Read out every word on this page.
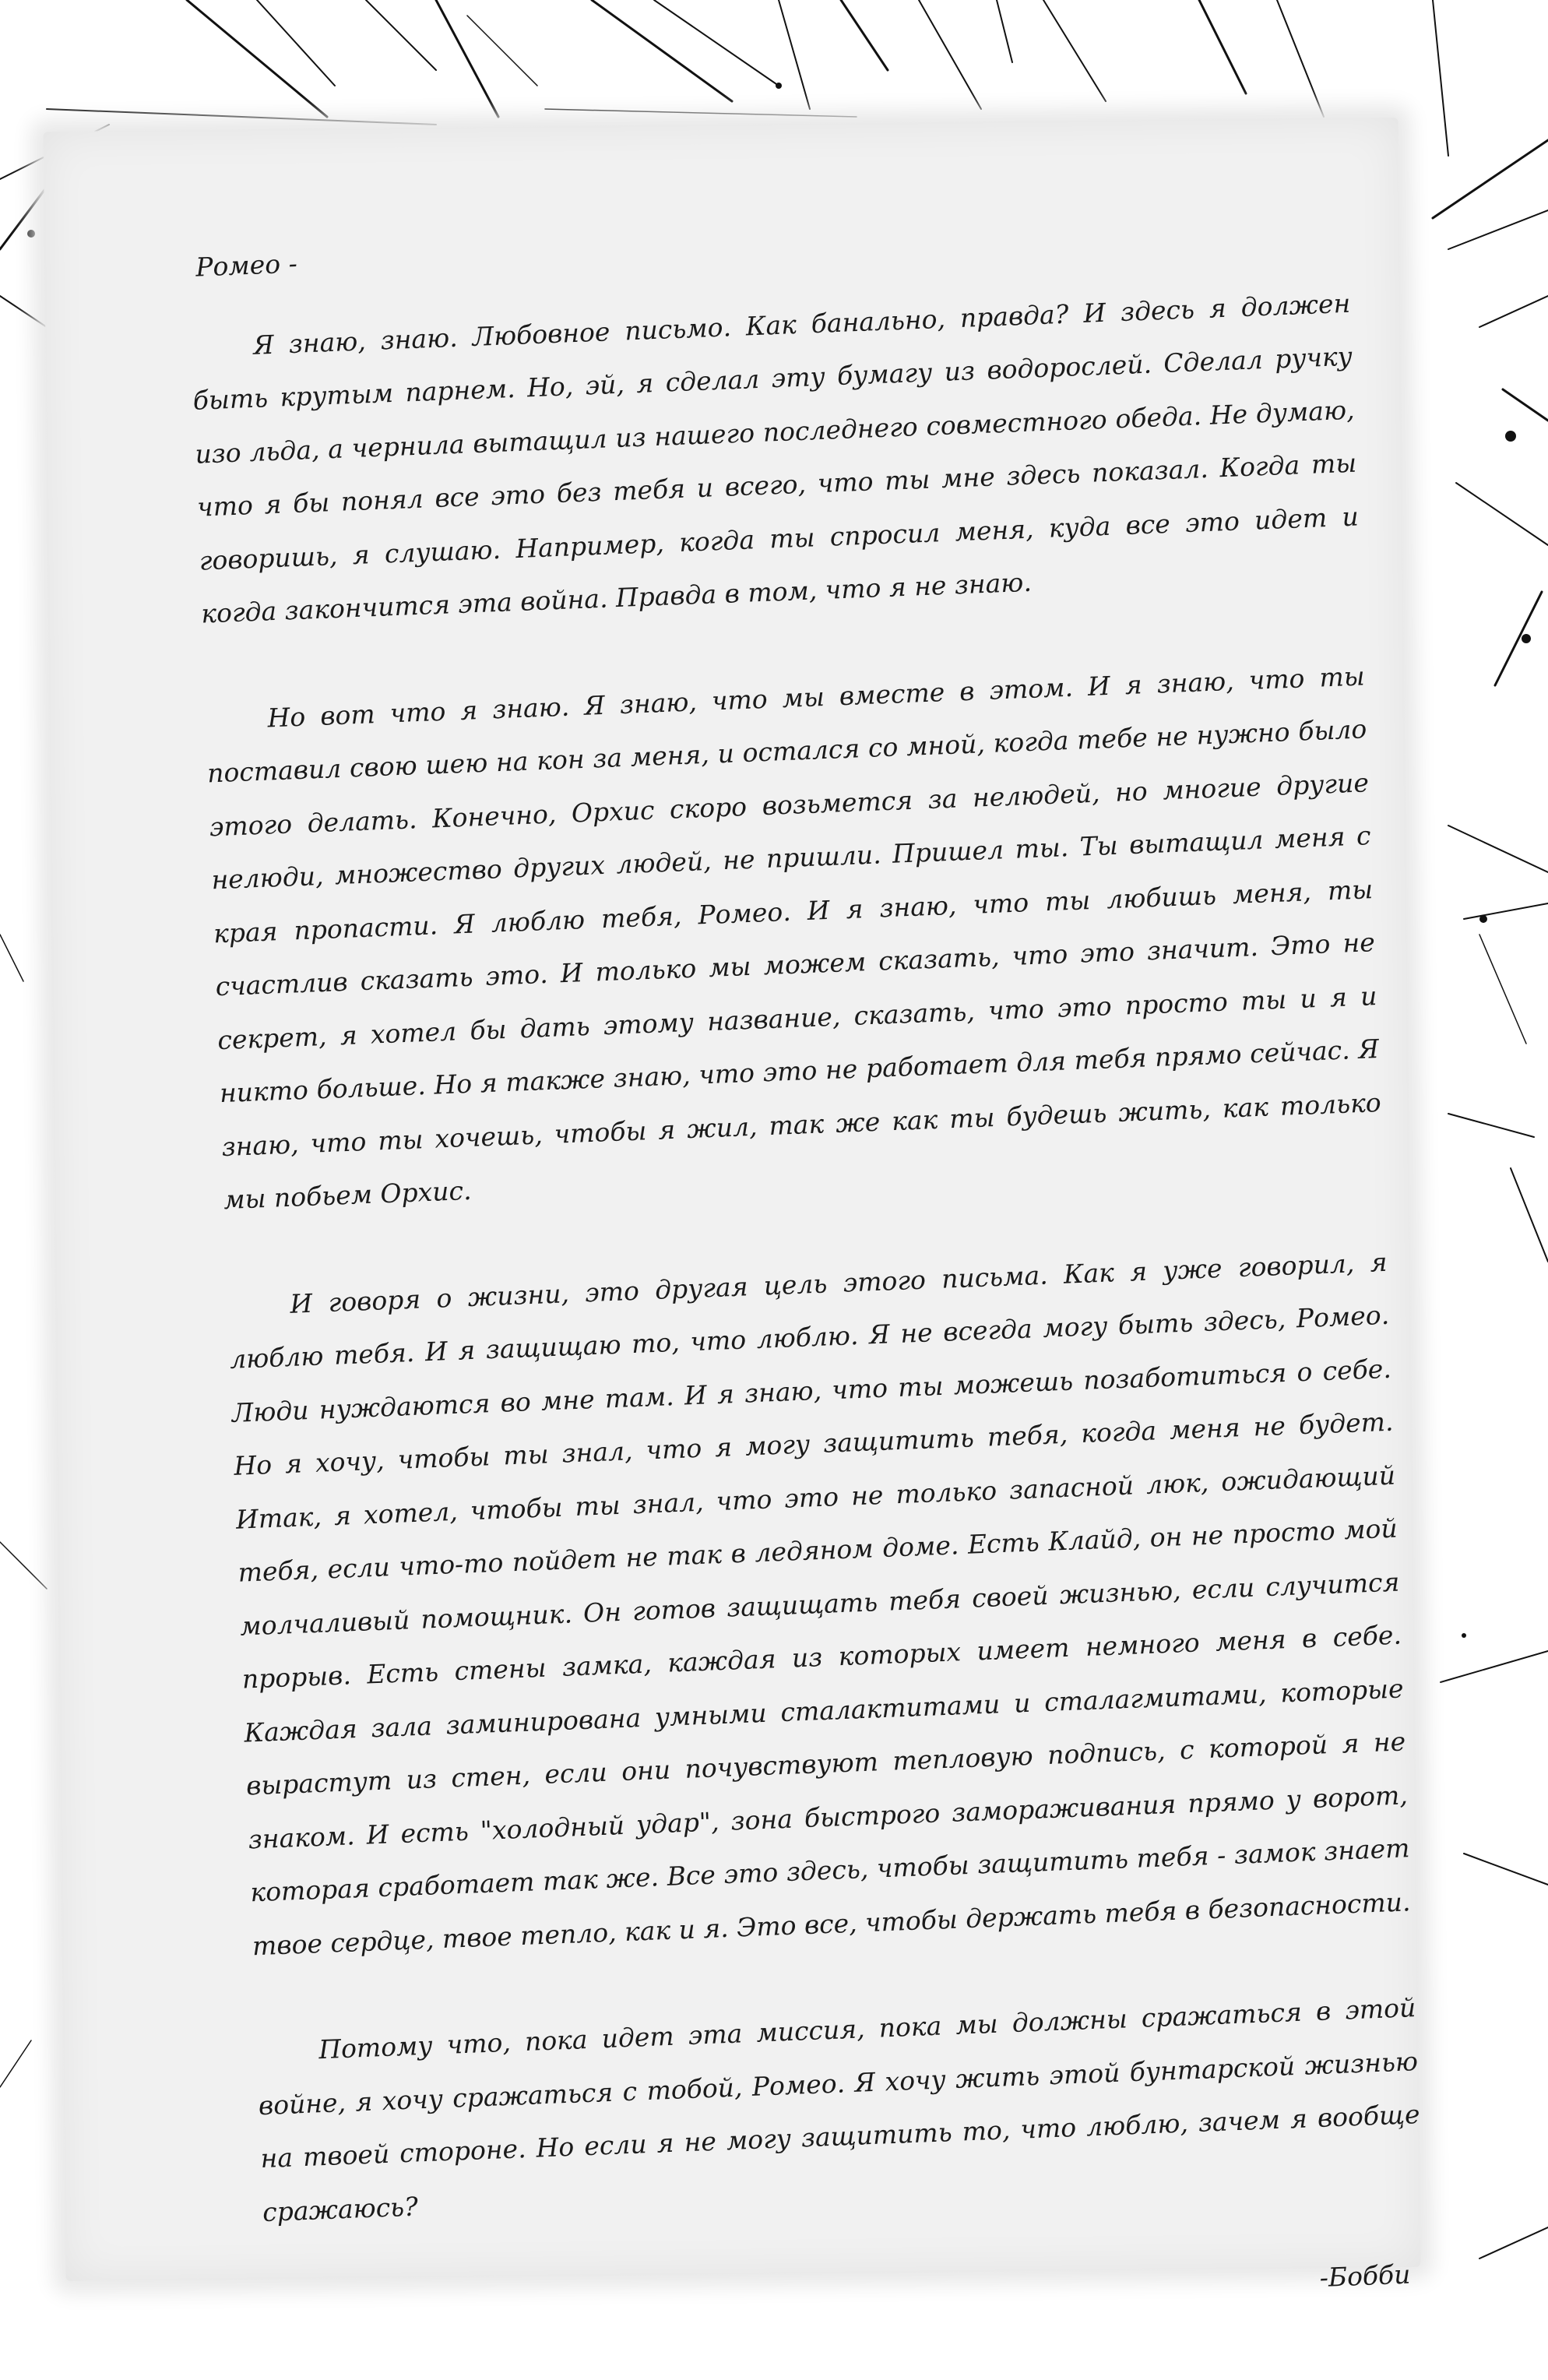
Ромео -

Я знаю, знаю. Любовное письмо. Как банально, правда? И здесь я должен быть крутым парнем. Но, эй, я сделал эту бумагу из водорослей. Сделал ручку изо льда, а чернила вытащил из нашего последнего совместного обеда. Не думаю, что я бы понял все это без тебя и всего, что ты мне здесь показал. Когда ты говоришь, я слушаю. Например, когда ты спросил меня, куда все это идет и когда закончится эта война. Правда в том, что я не знаю.

Но вот что я знаю. Я знаю, что мы вместе в этом. И я знаю, что ты поставил свою шею на кон за меня, и остался со мной, когда тебе не нужно было этого делать. Конечно, Орхис скоро возьмется за нелюдей, но многие другие нелюди, множество других людей, не пришли. Пришел ты. Ты вытащил меня с края пропасти. Я люблю тебя, Ромео. И я знаю, что ты любишь меня, ты счастлив сказать это. И только мы можем сказать, что это значит. Это не секрет, я хотел бы дать этому название, сказать, что это просто ты и я и никто больше. Но я также знаю, что это не работает для тебя прямо сейчас. Я знаю, что ты хочешь, чтобы я жил, так же как ты будешь жить, как только мы побьем Орхис.

И говоря о жизни, это другая цель этого письма. Как я уже говорил, я люблю тебя. И я защищаю то, что люблю. Я не всегда могу быть здесь, Ромео. Люди нуждаются во мне там. И я знаю, что ты можешь позаботиться о себе. Но я хочу, чтобы ты знал, что я могу защитить тебя, когда меня не будет. Итак, я хотел, чтобы ты знал, что это не только запасной люк, ожидающий тебя, если что-то пойдет не так в ледяном доме. Есть Клайд, он не просто мой молчаливый помощник. Он готов защищать тебя своей жизнью, если случится прорыв. Есть стены замка, каждая из которых имеет немного меня в себе. Каждая зала заминирована умными сталактитами и сталагмитами, которые вырастут из стен, если они почувствуют тепловую подпись, с которой я не знаком. И есть "холодный удар", зона быстрого замораживания прямо у ворот, которая сработает так же. Все это здесь, чтобы защитить тебя - замок знает твое сердце, твое тепло, как и я. Это все, чтобы держать тебя в безопасности.

Потому что, пока идет эта миссия, пока мы должны сражаться в этой войне, я хочу сражаться с тобой, Ромео. Я хочу жить этой бунтарской жизнью на твоей стороне. Но если я не могу защитить то, что люблю, зачем я вообще сражаюсь?

-Бобби
